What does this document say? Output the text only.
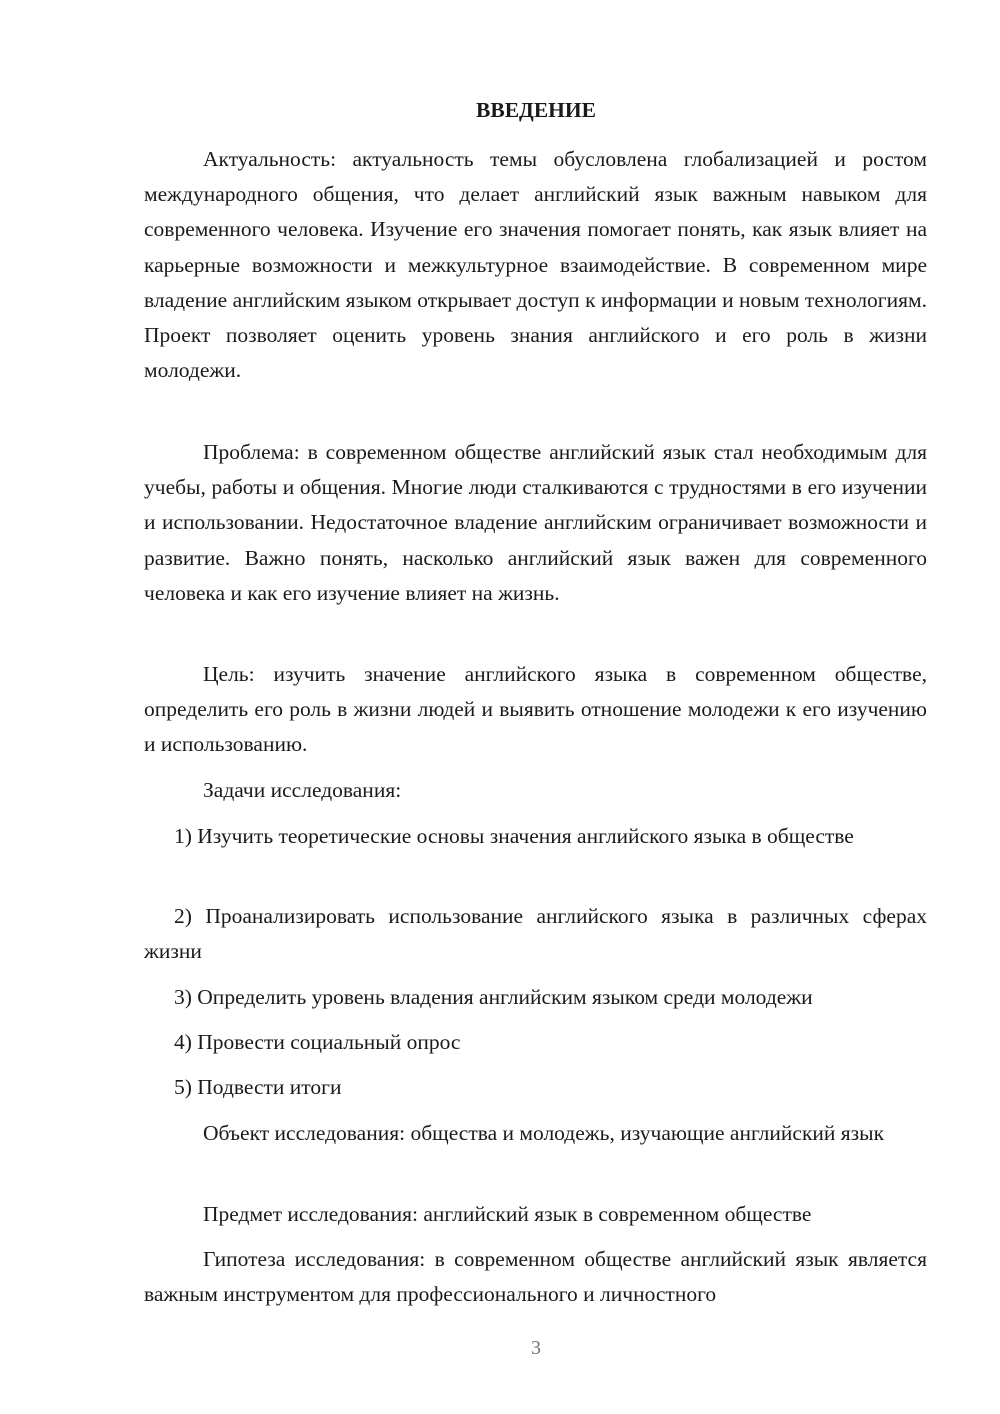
ВВЕДЕНИЕ

Актуальность: актуальность темы обусловлена глобализацией и ростом международного общения, что делает английский язык важным навыком для современного человека. Изучение его значения помогает понять, как язык влияет на карьерные возможности и межкультурное взаимодействие. В современном мире владение английским языком открывает доступ к информации и новым технологиям. Проект позволяет оценить уровень знания английского и его роль в жизни молодежи.

Проблема: в современном обществе английский язык стал необходимым для учебы, работы и общения. Многие люди сталкиваются с трудностями в его изучении и использовании. Недостаточное владение английским ограничивает возможности и развитие. Важно понять, насколько английский язык важен для современного человека и как его изучение влияет на жизнь.

Цель: изучить значение английского языка в современном обществе, определить его роль в жизни людей и выявить отношение молодежи к его изучению и использованию.

Задачи исследования:

1) Изучить теоретические основы значения английского языка в обществе

2) Проанализировать использование английского языка в различных сферах жизни

3) Определить уровень владения английским языком среди молодежи

4) Провести социальный опрос

5) Подвести итоги

Объект исследования: общества и молодежь, изучающие английский язык

Предмет исследования: английский язык в современном обществе

Гипотеза исследования: в современном обществе английский язык является важным инструментом для профессионального и личностного

3
